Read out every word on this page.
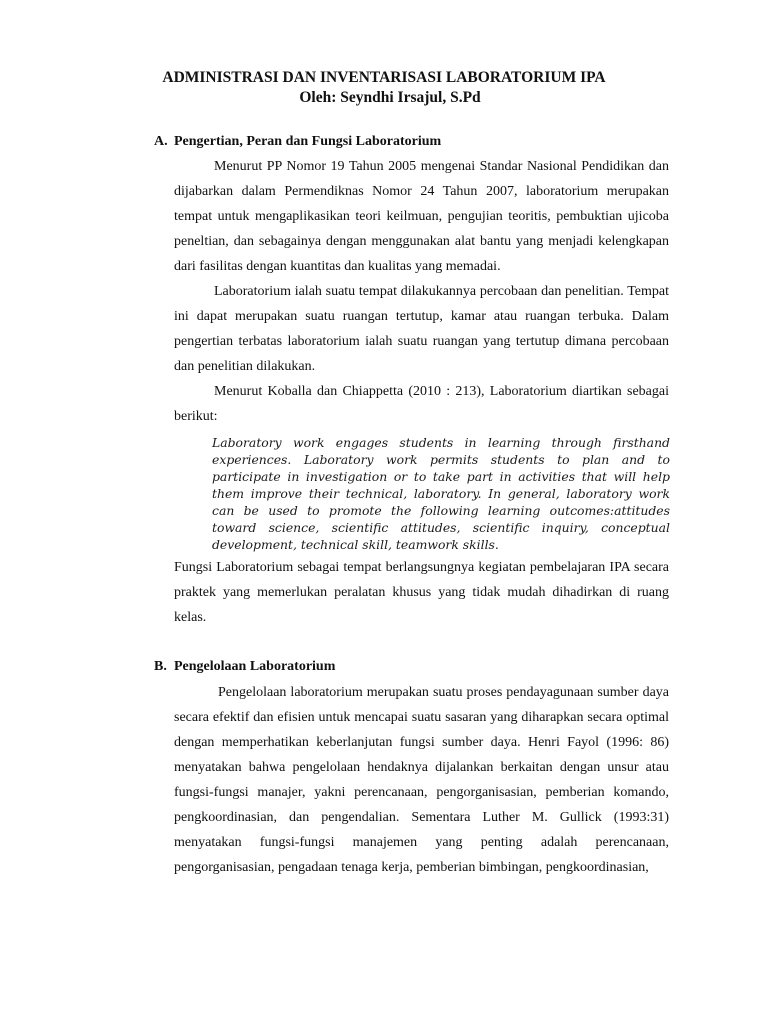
ADMINISTRASI DAN INVENTARISASI LABORATORIUM IPA
Oleh: Seyndhi Irsajul, S.Pd
A. Pengertian, Peran dan Fungsi Laboratorium

Menurut PP Nomor 19 Tahun 2005 mengenai Standar Nasional Pendidikan dan dijabarkan dalam Permendiknas Nomor 24 Tahun 2007, laboratorium merupakan tempat untuk mengaplikasikan teori keilmuan, pengujian teoritis, pembuktian ujicoba peneltian, dan sebagainya dengan menggunakan alat bantu yang menjadi kelengkapan dari fasilitas dengan kuantitas dan kualitas yang memadai.

Laboratorium ialah suatu tempat dilakukannya percobaan dan penelitian. Tempat ini dapat merupakan suatu ruangan tertutup, kamar atau ruangan terbuka. Dalam pengertian terbatas laboratorium ialah suatu ruangan yang tertutup dimana percobaan dan penelitian dilakukan.

Menurut Koballa dan Chiappetta (2010 : 213), Laboratorium diartikan sebagai berikut:

Laboratory work engages students in learning through firsthand experiences. Laboratory work permits students to plan and to participate in investigation or to take part in activities that will help them improve their technical, laboratory. In general, laboratory work can be used to promote the following learning outcomes:attitudes toward science, scientific attitudes, scientific inquiry, conceptual development, technical skill, teamwork skills.

Fungsi Laboratorium sebagai tempat berlangsungnya kegiatan pembelajaran IPA secara praktek yang memerlukan peralatan khusus yang tidak mudah dihadirkan di ruang kelas.

B. Pengelolaan Laboratorium

Pengelolaan laboratorium merupakan suatu proses pendayagunaan sumber daya secara efektif dan efisien untuk mencapai suatu sasaran yang diharapkan secara optimal dengan memperhatikan keberlanjutan fungsi sumber daya. Henri Fayol (1996: 86) menyatakan bahwa pengelolaan hendaknya dijalankan berkaitan dengan unsur atau fungsi-fungsi manajer, yakni perencanaan, pengorganisasian, pemberian komando, pengkoordinasian, dan pengendalian. Sementara Luther M. Gullick (1993:31) menyatakan fungsi-fungsi manajemen yang penting adalah perencanaan, pengorganisasian, pengadaan tenaga kerja, pemberian bimbingan, pengkoordinasian,
